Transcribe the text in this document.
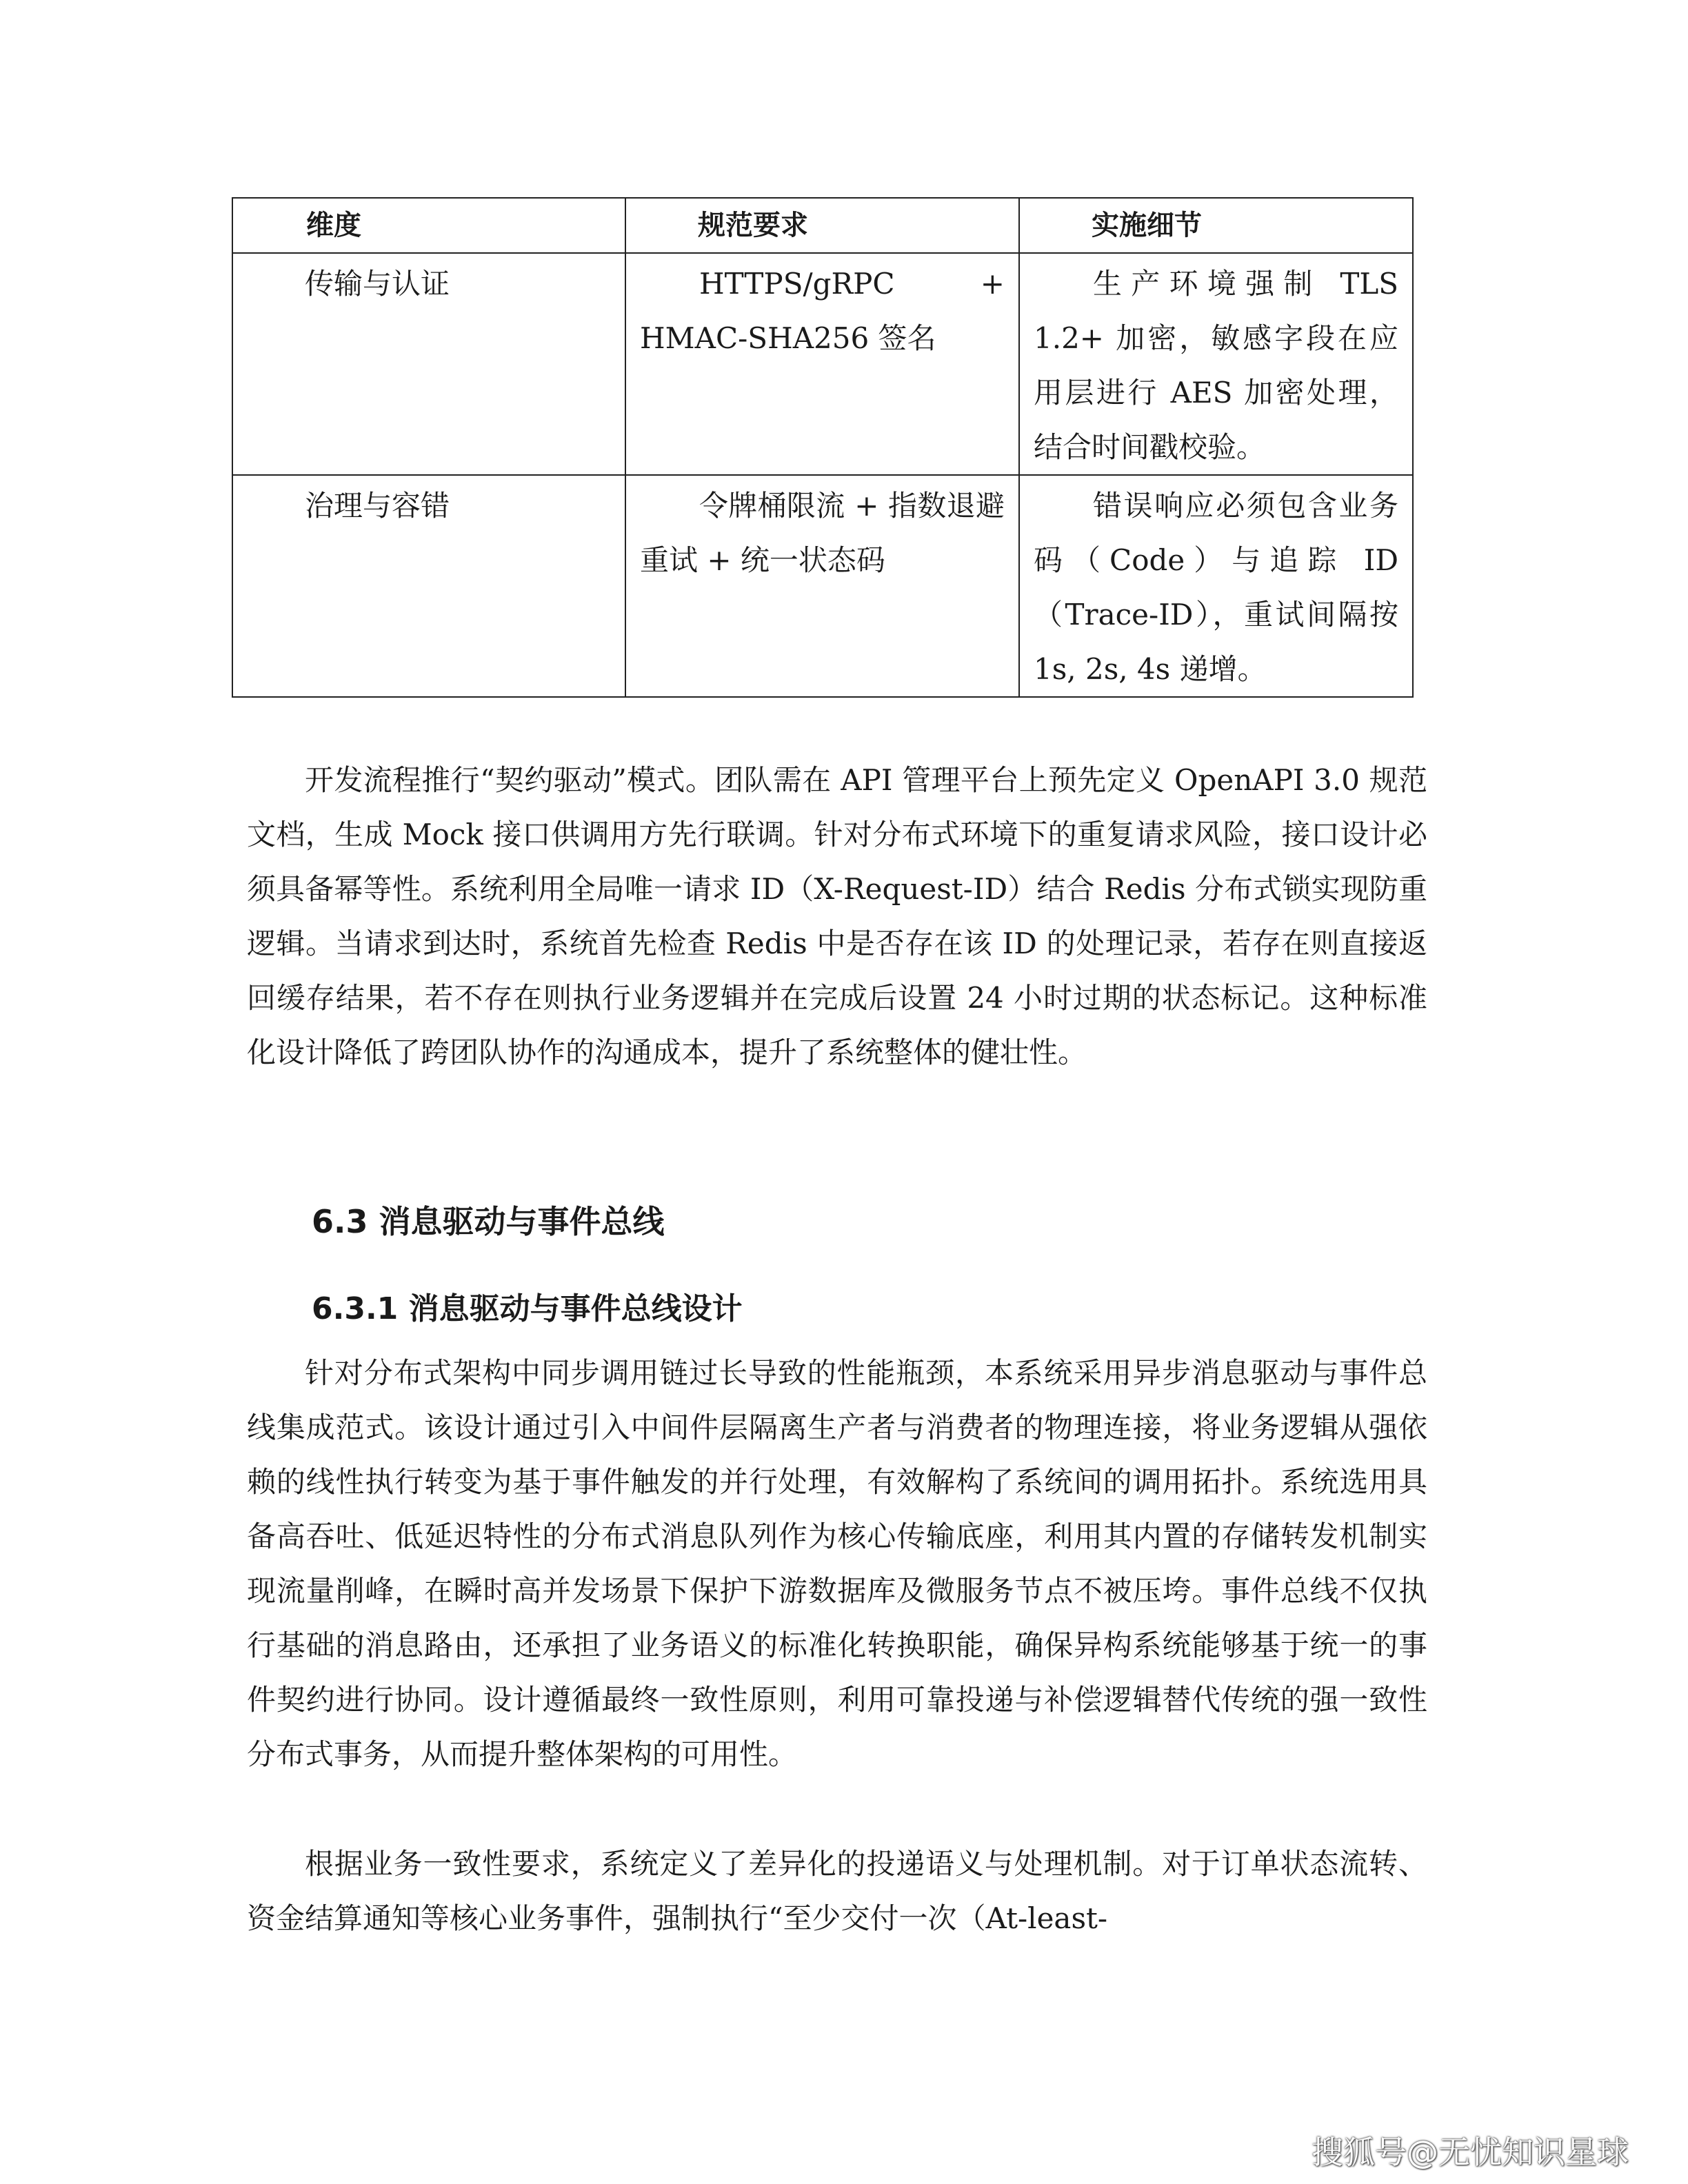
维度	规范要求	实施细节
传输与认证	HTTPS/gRPC + HMAC-SHA256 签名	生产环境强制 TLS 1.2+ 加密，敏感字段在应用层进行 AES 加密处理，结合时间戳校验。

治理与容错	令牌桶限流 + 指数退避重试 + 统一状态码	错误响应必须包含业务码（Code）与追踪 ID（Trace-ID），重试间隔按 1s, 2s, 4s 递增。

开发流程推行“契约驱动”模式。团队需在 API 管理平台上预先定义 OpenAPI 3.0 规范文档，生成 Mock 接口供调用方先行联调。针对分布式环境下的重复请求风险，接口设计必须具备幂等性。系统利用全局唯一请求 ID（X-Request-ID）结合 Redis 分布式锁实现防重逻辑。当请求到达时，系统首先检查 Redis 中是否存在该 ID 的处理记录，若存在则直接返回缓存结果，若不存在则执行业务逻辑并在完成后设置 24 小时过期的状态标记。这种标准化设计降低了跨团队协作的沟通成本，提升了系统整体的健壮性。

6.3 消息驱动与事件总线
6.3.1 消息驱动与事件总线设计

针对分布式架构中同步调用链过长导致的性能瓶颈，本系统采用异步消息驱动与事件总线集成范式。该设计通过引入中间件层隔离生产者与消费者的物理连接，将业务逻辑从强依赖的线性执行转变为基于事件触发的并行处理，有效解构了系统间的调用拓扑。系统选用具备高吞吐、低延迟特性的分布式消息队列作为核心传输底座，利用其内置的存储转发机制实现流量削峰，在瞬时高并发场景下保护下游数据库及微服务节点不被压垮。事件总线不仅执行基础的消息路由，还承担了业务语义的标准化转换职能，确保异构系统能够基于统一的事件契约进行协同。设计遵循最终一致性原则，利用可靠投递与补偿逻辑替代传统的强一致性分布式事务，从而提升整体架构的可用性。

根据业务一致性要求，系统定义了差异化的投递语义与处理机制。对于订单状态流转、资金结算通知等核心业务事件，强制执行“至少交付一次（At-least-

搜狐号@无忧知识星球
